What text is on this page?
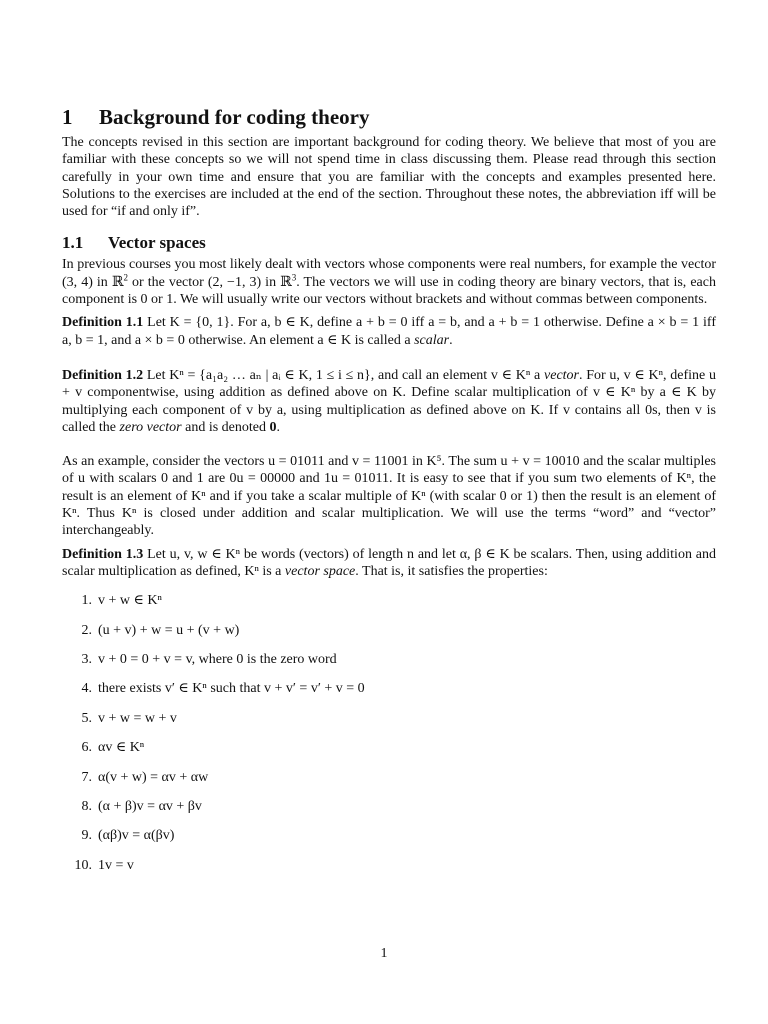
1 Background for coding theory

The concepts revised in this section are important background for coding theory. We believe that most of you are familiar with these concepts so we will not spend time in class discussing them. Please read through this section carefully in your own time and ensure that you are familiar with the concepts and examples presented here. Solutions to the exercises are included at the end of the section. Throughout these notes, the abbreviation iff will be used for “if and only if”.

1.1 Vector spaces

In previous courses you most likely dealt with vectors whose components were real numbers, for example the vector (3, 4) in ℝ$^2$ or the vector (2, −1, 3) in ℝ$^3$. The vectors we will use in coding theory are binary vectors, that is, each component is 0 or 1. We will usually write our vectors without brackets and without commas between components.

Definition 1.1 Let K = {0, 1}. For a, b ∈ K, define a + b = 0 iff a = b, and a + b = 1 otherwise. Define a × b = 1 iff a, b = 1, and a × b = 0 otherwise. An element a ∈ K is called a scalar.

Definition 1.2 Let Kⁿ = {a₁a₂ … aₙ | aᵢ ∈ K, 1 ≤ i ≤ n}, and call an element v ∈ Kⁿ a vector. For u, v ∈ Kⁿ, define u + v componentwise, using addition as defined above on K. Define scalar multiplication of v ∈ Kⁿ by a ∈ K by multiplying each component of v by a, using multiplication as defined above on K. If v contains all 0s, then v is called the zero vector and is denoted 0.

As an example, consider the vectors u = 01011 and v = 11001 in K⁵. The sum u + v = 10010 and the scalar multiples of u with scalars 0 and 1 are 0u = 00000 and 1u = 01011. It is easy to see that if you sum two elements of Kⁿ, the result is an element of Kⁿ and if you take a scalar multiple of Kⁿ (with scalar 0 or 1) then the result is an element of Kⁿ. Thus Kⁿ is closed under addition and scalar multiplication. We will use the terms “word” and “vector” interchangeably.

Definition 1.3 Let u, v, w ∈ Kⁿ be words (vectors) of length n and let α, β ∈ K be scalars. Then, using addition and scalar multiplication as defined, Kⁿ is a vector space. That is, it satisfies the properties:

1. v + w ∈ Kⁿ
2. (u + v) + w = u + (v + w)
3. v + 0 = 0 + v = v, where 0 is the zero word
4. there exists v′ ∈ Kⁿ such that v + v′ = v′ + v = 0
5. v + w = w + v
6. αv ∈ Kⁿ
7. α(v + w) = αv + αw
8. (α + β)v = αv + βv
9. (αβ)v = α(βv)
10. 1v = v
1
